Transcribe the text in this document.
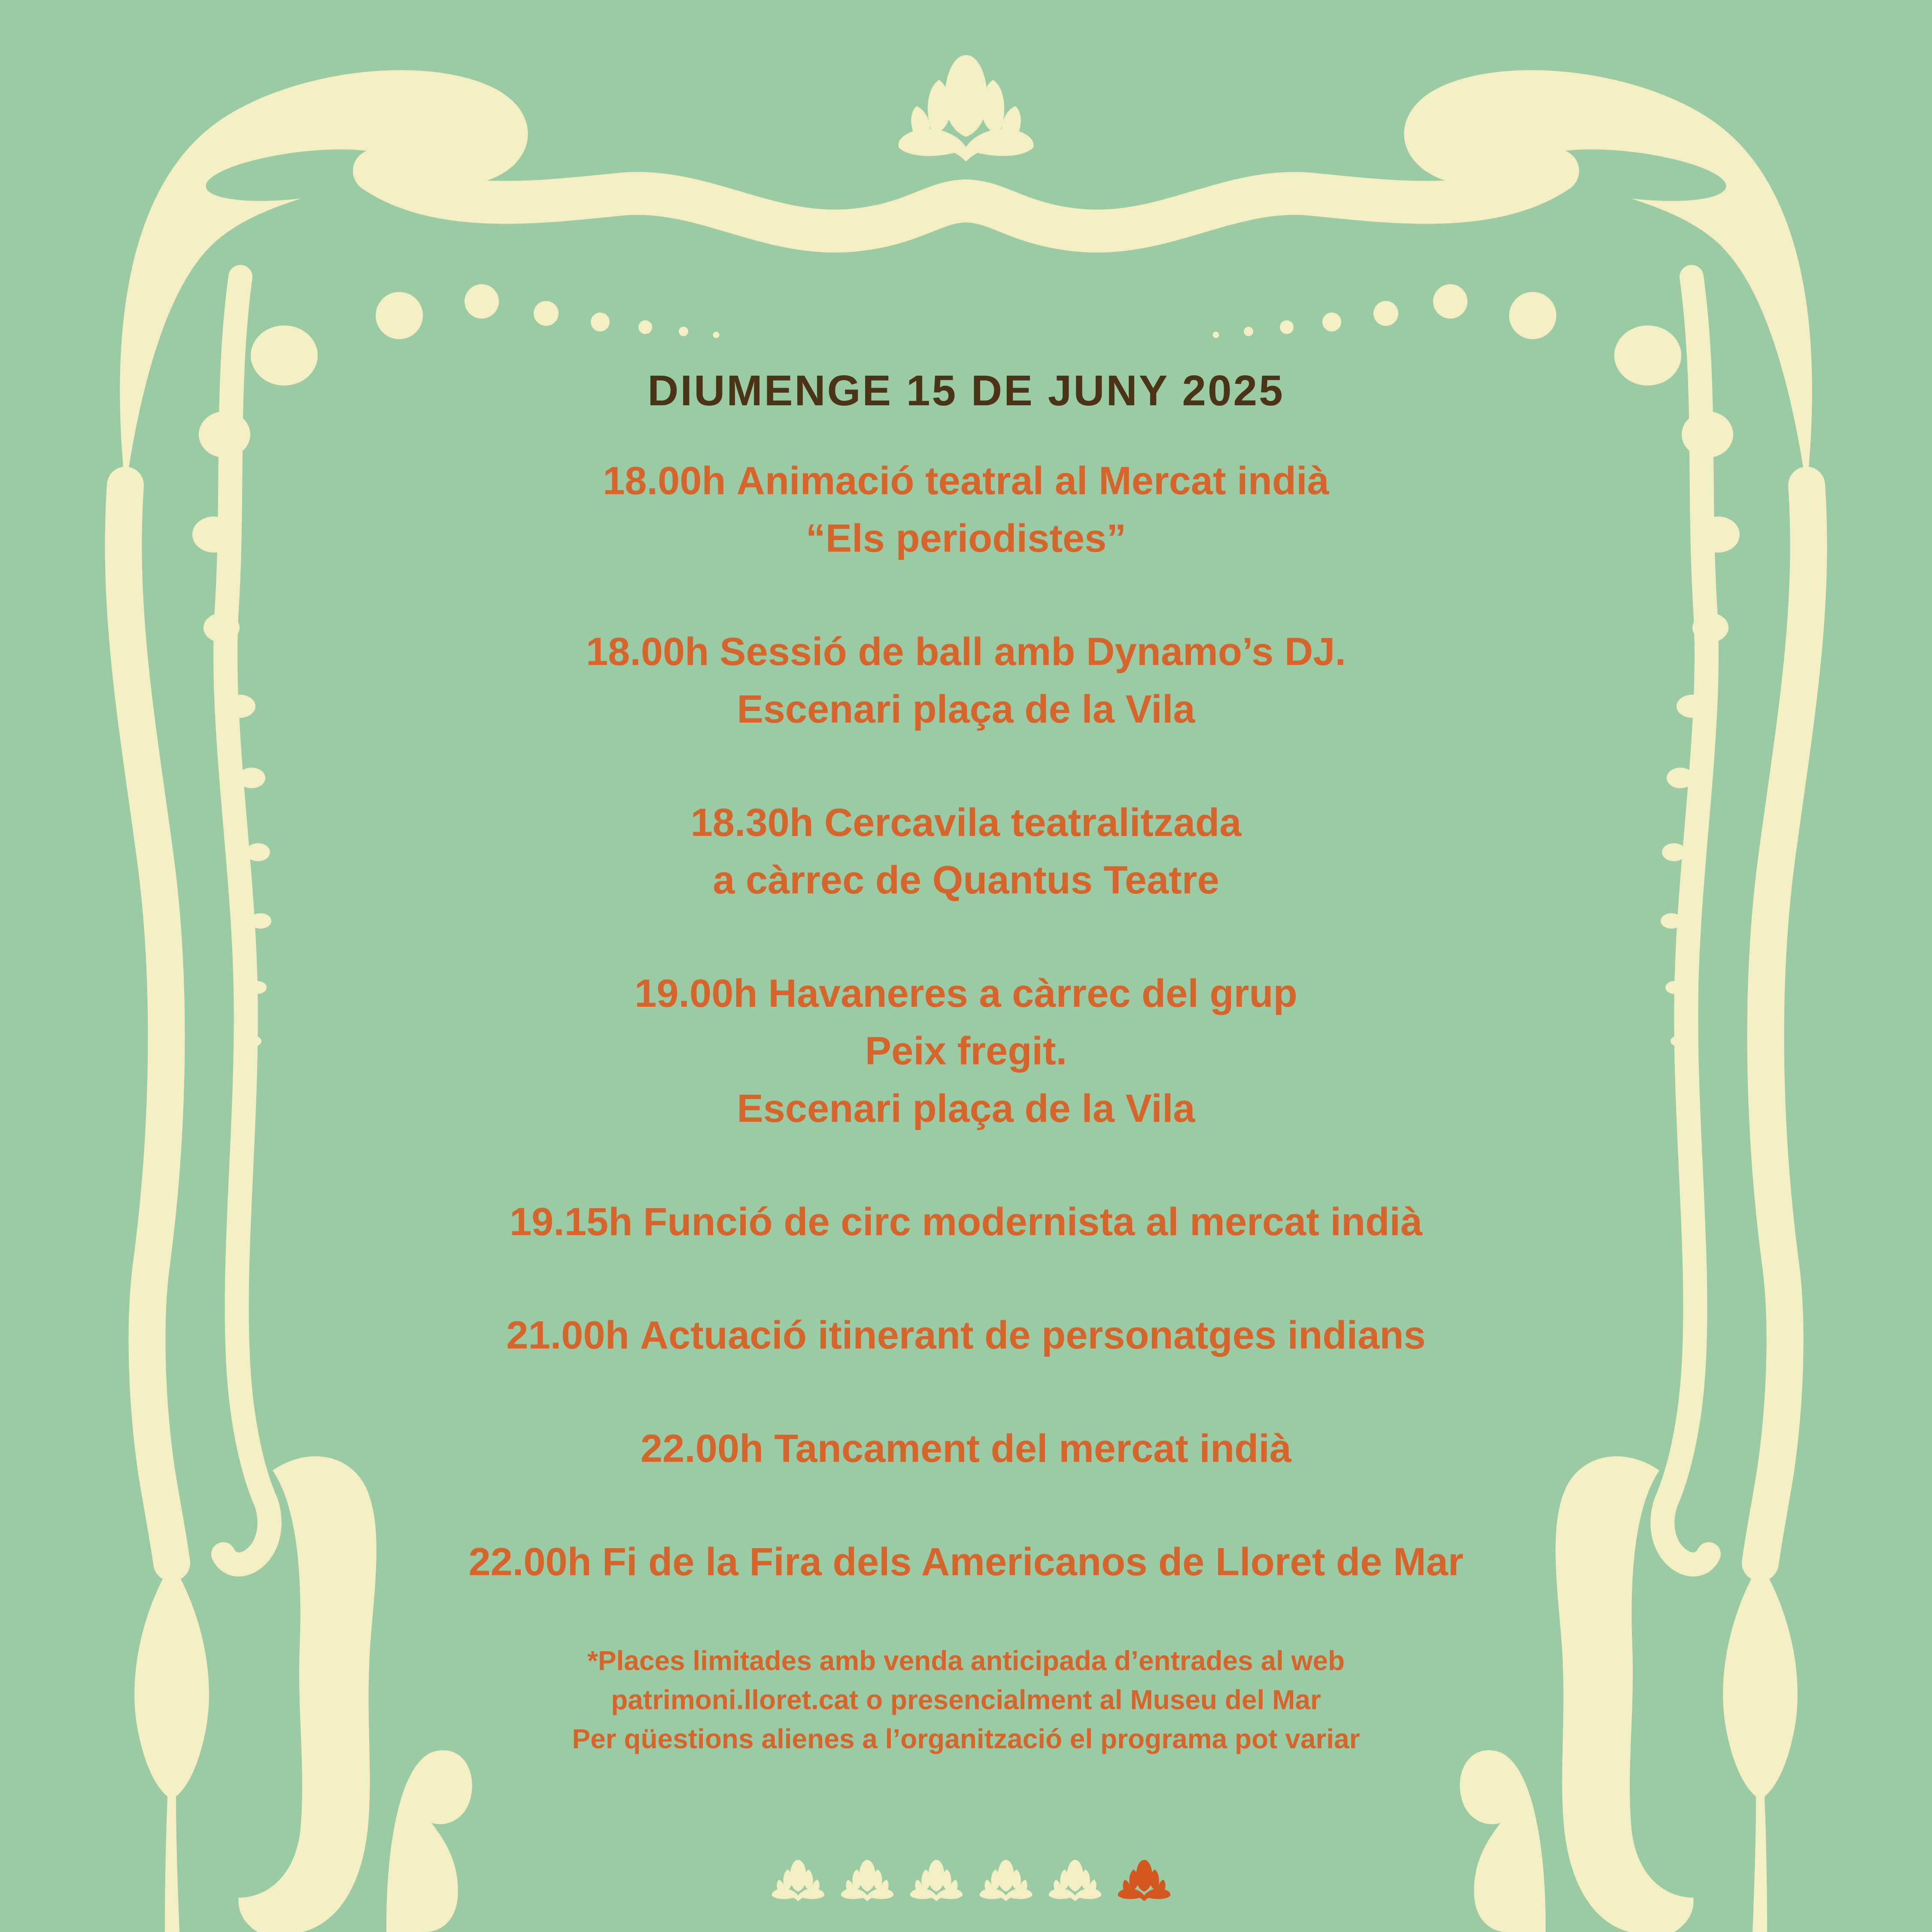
DIUMENGE 15 DE JUNY 2025

18.00h Animació teatral al Mercat indià
“Els periodistes”

18.00h Sessió de ball amb Dynamo’s DJ.
Escenari plaça de la Vila

18.30h Cercavila teatralitzada
a càrrec de Quantus Teatre

19.00h Havaneres a càrrec del grup
Peix fregit.
Escenari plaça de la Vila

19.15h Funció de circ modernista al mercat indià

21.00h Actuació itinerant de personatges indians

22.00h Tancament del mercat indià

22.00h Fi de la Fira dels Americanos de Lloret de Mar

*Places limitades amb venda anticipada d’entrades al web
patrimoni.lloret.cat o presencialment al Museu del Mar
Per qüestions alienes a l’organització el programa pot variar
